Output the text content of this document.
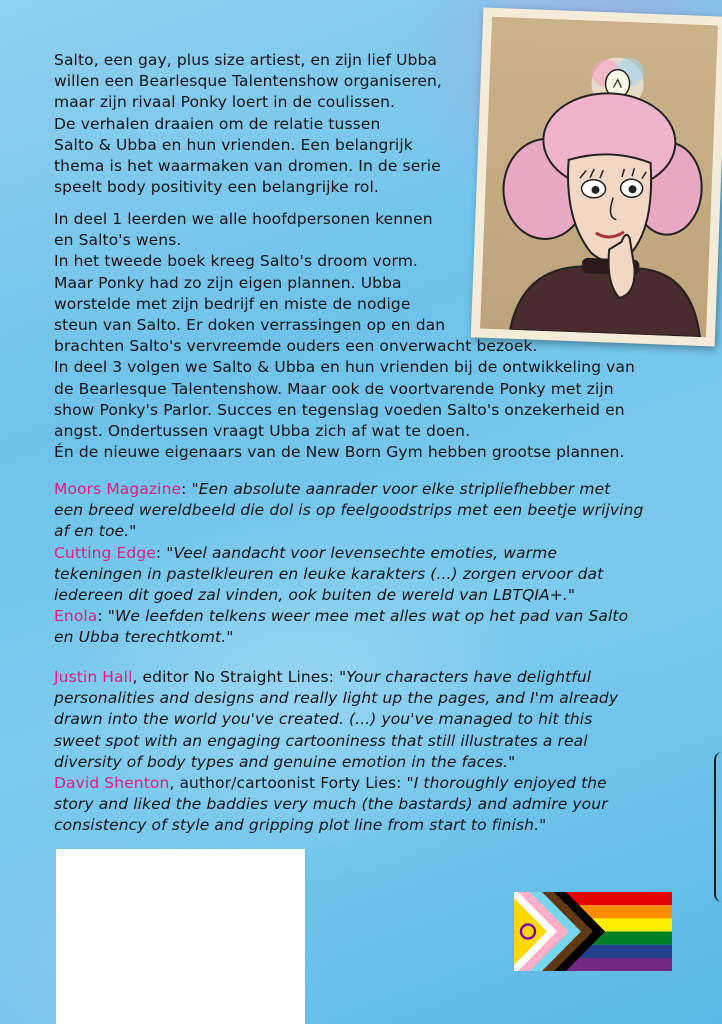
Salto, een gay, plus size artiest, en zijn lief Ubba
willen een Bearlesque Talentenshow organiseren,
maar zijn rivaal Ponky loert in de coulissen.
De verhalen draaien om de relatie tussen
Salto & Ubba en hun vrienden. Een belangrijk
thema is het waarmaken van dromen. In de serie
speelt body positivity een belangrijke rol.
In deel 1 leerden we alle hoofdpersonen kennen
en Salto's wens.
In het tweede boek kreeg Salto's droom vorm.
Maar Ponky had zo zijn eigen plannen. Ubba
worstelde met zijn bedrijf en miste de nodige
steun van Salto. Er doken verrassingen op en dan
brachten Salto's vervreemde ouders een onverwacht bezoek.
In deel 3 volgen we Salto & Ubba en hun vrienden bij de ontwikkeling van
de Bearlesque Talentenshow. Maar ook de voortvarende Ponky met zijn
show Ponky's Parlor. Succes en tegenslag voeden Salto's onzekerheid en
angst. Ondertussen vraagt Ubba zich af wat te doen.
Én de nieuwe eigenaars van de New Born Gym hebben grootse plannen.
Moors Magazine: "Een absolute aanrader voor elke stripliefhebber met
een breed wereldbeeld die dol is op feelgoodstrips met een beetje wrijving
af en toe."
Cutting Edge: "Veel aandacht voor levensechte emoties, warme
tekeningen in pastelkleuren en leuke karakters (...) zorgen ervoor dat
iedereen dit goed zal vinden, ook buiten de wereld van LBTQIA+."
Enola: "We leefden telkens weer mee met alles wat op het pad van Salto
en Ubba terechtkomt."
Justin Hall, editor No Straight Lines: "Your characters have delightful
personalities and designs and really light up the pages, and I'm already
drawn into the world you've created. (...) you've managed to hit this
sweet spot with an engaging cartooniness that still illustrates a real
diversity of body types and genuine emotion in the faces."
David Shenton, author/cartoonist Forty Lies: "I thoroughly enjoyed the
story and liked the baddies very much (the bastards) and admire your
consistency of style and gripping plot line from start to finish."
